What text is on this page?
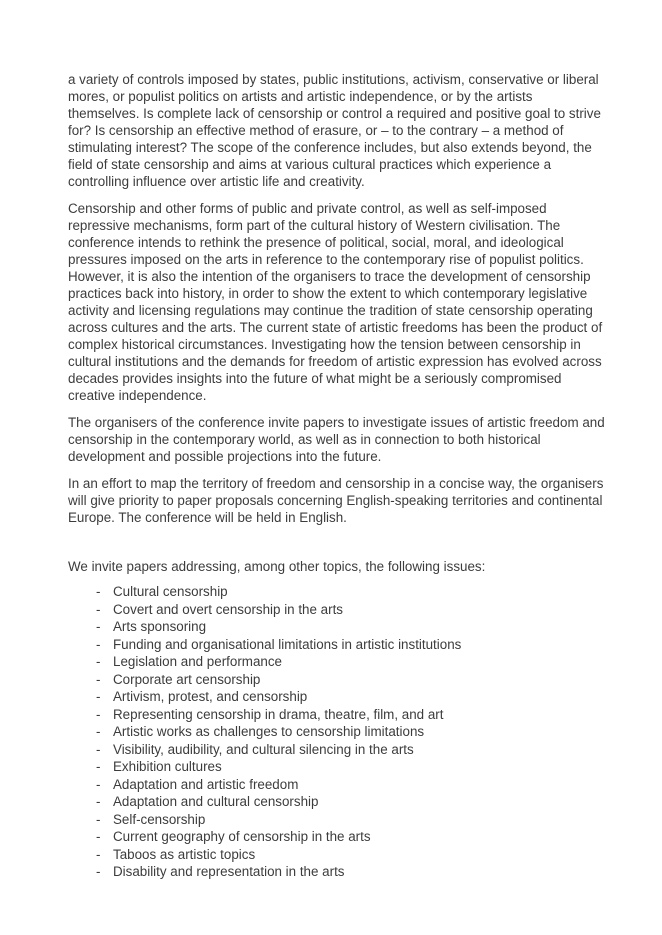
a variety of controls imposed by states, public institutions, activism, conservative or liberal mores, or populist politics on artists and artistic independence, or by the artists themselves. Is complete lack of censorship or control a required and positive goal to strive for? Is censorship an effective method of erasure, or – to the contrary – a method of stimulating interest? The scope of the conference includes, but also extends beyond, the field of state censorship and aims at various cultural practices which experience a controlling influence over artistic life and creativity.

Censorship and other forms of public and private control, as well as self-imposed repressive mechanisms, form part of the cultural history of Western civilisation. The conference intends to rethink the presence of political, social, moral, and ideological pressures imposed on the arts in reference to the contemporary rise of populist politics. However, it is also the intention of the organisers to trace the development of censorship practices back into history, in order to show the extent to which contemporary legislative activity and licensing regulations may continue the tradition of state censorship operating across cultures and the arts. The current state of artistic freedoms has been the product of complex historical circumstances. Investigating how the tension between censorship in cultural institutions and the demands for freedom of artistic expression has evolved across decades provides insights into the future of what might be a seriously compromised creative independence.

The organisers of the conference invite papers to investigate issues of artistic freedom and censorship in the contemporary world, as well as in connection to both historical development and possible projections into the future.

In an effort to map the territory of freedom and censorship in a concise way, the organisers will give priority to paper proposals concerning English-speaking territories and continental Europe. The conference will be held in English.

We invite papers addressing, among other topics, the following issues:

- Cultural censorship
- Covert and overt censorship in the arts
- Arts sponsoring
- Funding and organisational limitations in artistic institutions
- Legislation and performance
- Corporate art censorship
- Artivism, protest, and censorship
- Representing censorship in drama, theatre, film, and art
- Artistic works as challenges to censorship limitations
- Visibility, audibility, and cultural silencing in the arts
- Exhibition cultures
- Adaptation and artistic freedom
- Adaptation and cultural censorship
- Self-censorship
- Current geography of censorship in the arts
- Taboos as artistic topics
- Disability and representation in the arts
